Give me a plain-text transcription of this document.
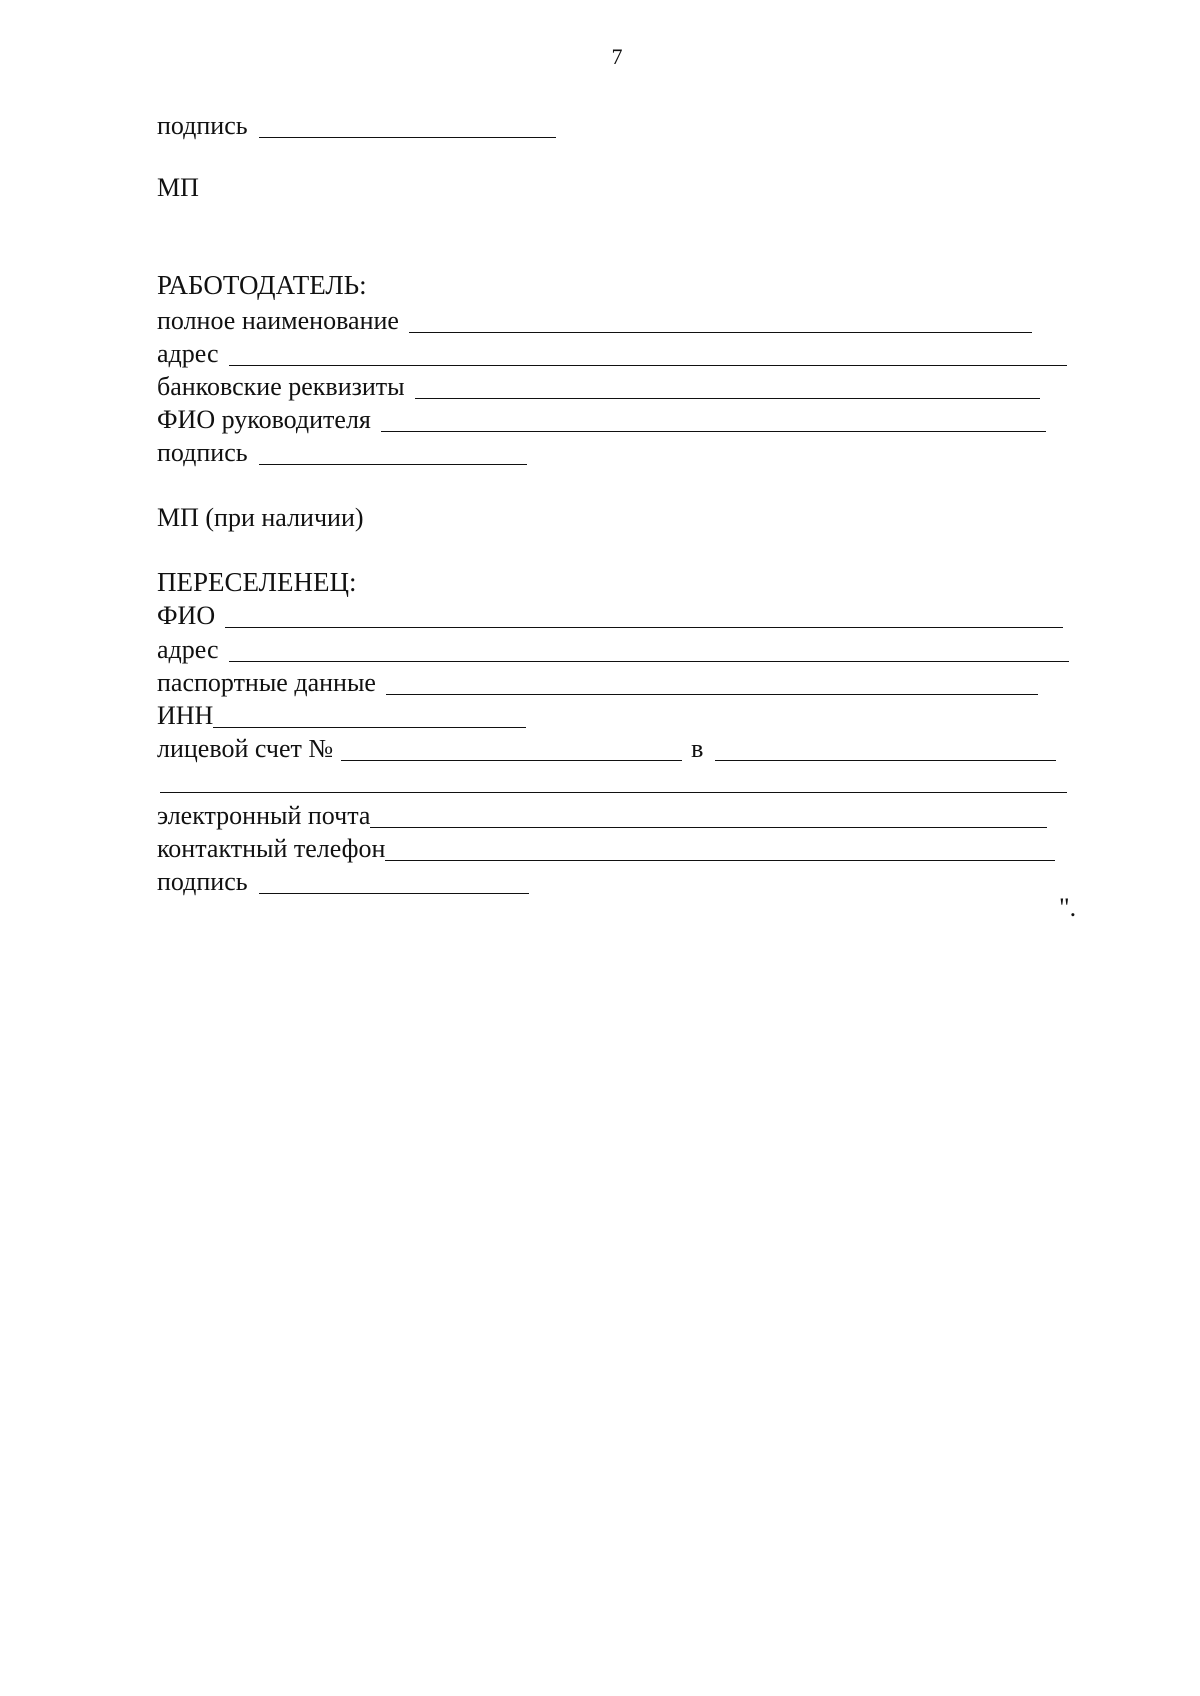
7
подпись
МП
РАБОТОДАТЕЛЬ:
полное наименование
адрес
банковские реквизиты
ФИО руководителя
подпись
МП (при наличии)
ПЕРЕСЕЛЕНЕЦ:
ФИО
адрес
паспортные данные
ИНН
лицевой счет №	в
электронный почта
контактный телефон
подпись
".
